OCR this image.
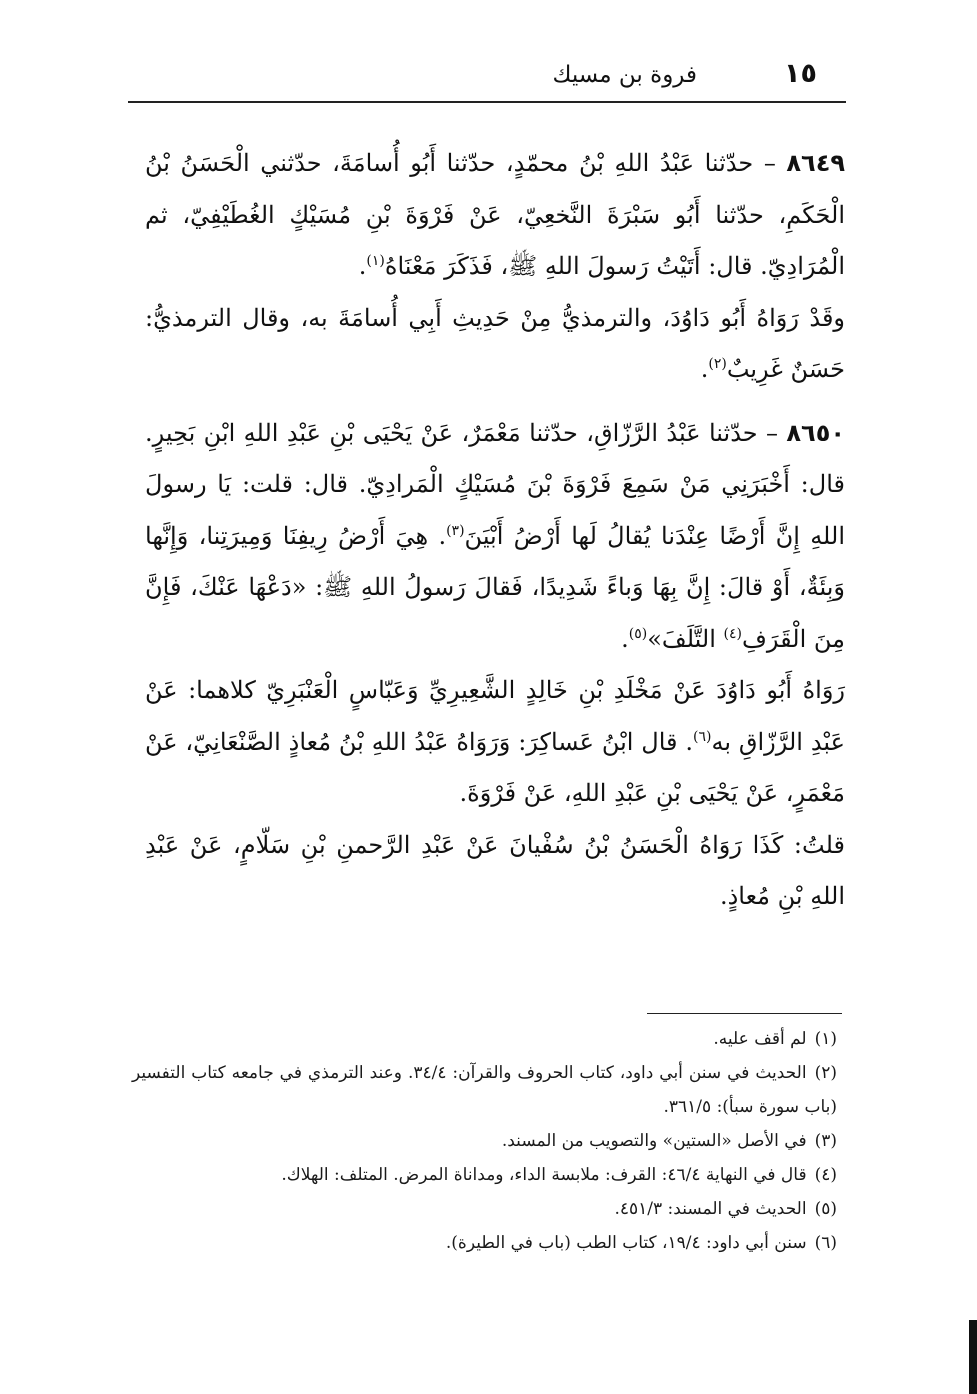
١٥
فروة بن مسيك

٨٦٤٩ – حدّثنا عَبْدُ اللهِ بْنُ محمّدٍ، حدّثنا أَبُو أُسامَةَ، حدّثني الْحَسَنُ بْنُ الْحَكَمِ، حدّثنا أَبُو سَبْرَةَ النَّخعِيّ، عَنْ فَرْوَةَ بْنِ مُسَيْكٍ الغُطَيْفِيّ، ثم الْمُرَادِيّ. قال: أَتَيْتُ رَسولَ اللهِ ﷺ، فَذَكَرَ مَعْنَاهُ$^{(١)}$.

وقَدْ رَوَاهُ أَبُو دَاوُدَ، والترمذيُّ مِنْ حَدِيثِ أَبِي أُسامَةَ به، وقال الترمذيُّ: حَسَنٌ غَرِيبٌ$^{(٢)}$.

٨٦٥٠ – حدّثنا عَبْدُ الرَّزّاقِ، حدّثنا مَعْمَرٌ، عَنْ يَحْيَى بْنِ عَبْدِ اللهِ ابْنِ بَحِيرٍ. قال: أَخْبَرَنِي مَنْ سَمِعَ فَرْوَةَ بْنَ مُسَيْكٍ الْمَرادِيّ. قال: قلت: يَا رسولَ اللهِ إِنَّ أَرْضًا عِنْدَنا يُقالُ لَها أَرْضُ أَبْيَنَ$^{(٣)}$. هِيَ أَرْضُ رِيفِنَا وَمِيرَتِنا، وَإِنَّها وَبِئَةٌ، أَوْ قالَ: إِنَّ بِهَا وَباءً شَدِيدًا، فَقالَ رَسولُ اللهِ ﷺ: «دَعْهَا عَنْكَ، فَإِنَّ مِنَ الْقَرَفِ$^{(٤)}$ التَّلَفَ»$^{(٥)}$.

رَوَاهُ أَبُو دَاوُدَ عَنْ مَخْلَدِ بْنِ خَالِدٍ الشَّعِيرِيِّ وَعَبّاسٍ الْعَنْبَرِيّ كلاهما: عَنْ عَبْدِ الرَّزّاقِ به$^{(٦)}$. قال ابْنُ عَساكِرَ: وَرَوَاهُ عَبْدُ اللهِ بْنُ مُعاذٍ الصَّنْعَانِيّ، عَنْ مَعْمَرٍ، عَنْ يَحْيَى بْنِ عَبْدِ اللهِ، عَنْ فَرْوَةَ.

قلتُ: كَذَا رَوَاهُ الْحَسَنُ بْنُ سُفْيانَ عَنْ عَبْدِ الرَّحمنِ بْنِ سَلّامٍ، عَنْ عَبْدِ اللهِ بْنِ مُعاذٍ.

(١)لم أقف عليه.

(٢)الحديث في سنن أبي داود، كتاب الحروف والقرآن: ٣٤/٤. وعند الترمذي في جامعه كتاب التفسير (باب سورة سبأ): ٣٦١/٥.

(٣)في الأصل «الستين» والتصويب من المسند.

(٤)قال في النهاية ٤٦/٤: القرف: ملابسة الداء، ومداناة المرض. المتلف: الهلاك.

(٥)الحديث في المسند: ٤٥١/٣.

(٦)سنن أبي داود: ١٩/٤، كتاب الطب (باب في الطيرة).
